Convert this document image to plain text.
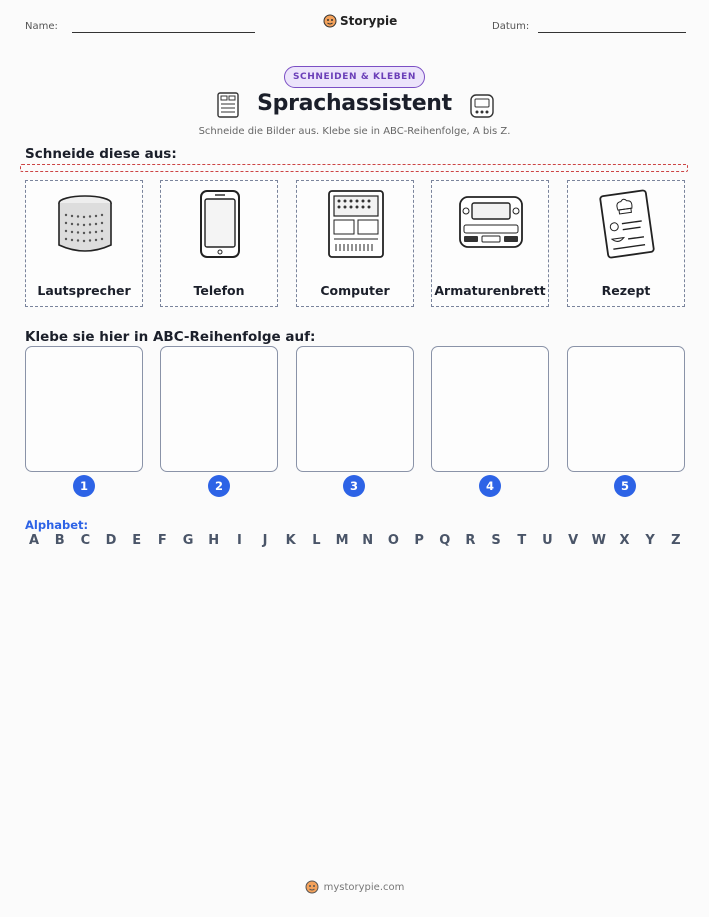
Name:	Storypie	Datum:
SCHNEIDEN & KLEBEN
Sprachassistent
Schneide die Bilder aus. Klebe sie in ABC-Reihenfolge, A bis Z.
Schneide diese aus:
Lautsprecher	Telefon	Computer	Armaturenbrett	Rezept
Klebe sie hier in ABC-Reihenfolge auf:
1	2	3	4	5
Alphabet:
A	B	C	D	E	F	G H	I	J	K	L	M N O	P	Q	R	S	T	U	V	W	X	Y	Z
mystorypie.com
